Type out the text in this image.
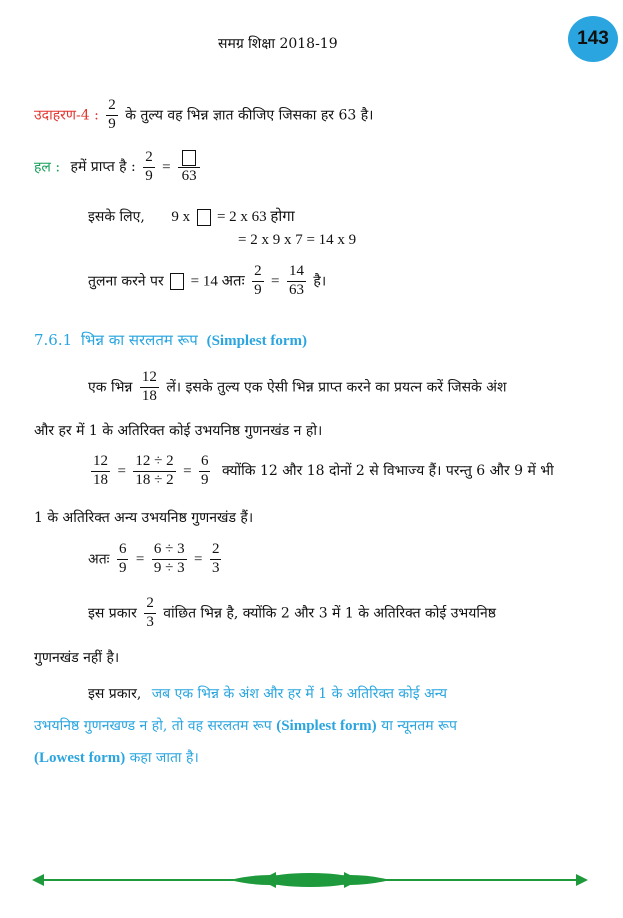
समग्र शिक्षा 2018-19	143
उदाहरण-4 : $\frac{2}{9}$ के तुल्य वह भिन्न ज्ञात कीजिए जिसका हर 63 है।
हल : हमें प्राप्त है : $\frac{2}{9}$ =
63
इसके लिए, 9 x = 2 x 63 होगा
= 2 x 9 x 7 = 14 x 9
तुलना करने पर = 14 अतः $\frac{2}{9} = \frac{14}{63}$ है।
7.6.1 भिन्न का सरलतम रूप (Simplest form)
एक भिन्न $\frac{12}{18}$ लें। इसके तुल्य एक ऐसी भिन्न प्राप्त करने का प्रयत्न करें जिसके अंश
और हर में 1 के अतिरिक्त कोई उभयनिष्ठ गुणनखंड न हो।
$\frac{12}{18} = \frac{12 \div 2}{18 \div 2} = \frac{6}{9}$ क्योंकि 12 और 18 दोनों 2 से विभाज्य हैं। परन्तु 6 और 9 में भी
1 के अतिरिक्त अन्य उभयनिष्ठ गुणनखंड हैं।
अतः $\frac{6}{9} = \frac{6 \div 3}{9 \div 3} = \frac{2}{3}$
इस प्रकार $\frac{2}{3}$ वांछित भिन्न है, क्योंकि 2 और 3 में 1 के अतिरिक्त कोई उभयनिष्ठ
गुणनखंड नहीं है।
इस प्रकार, जब एक भिन्न के अंश और हर में 1 के अतिरिक्त कोई अन्य
उभयनिष्ठ गुणनखण्ड न हो, तो वह सरलतम रूप (Simplest form) या न्यूनतम रूप
(Lowest form) कहा जाता है।
